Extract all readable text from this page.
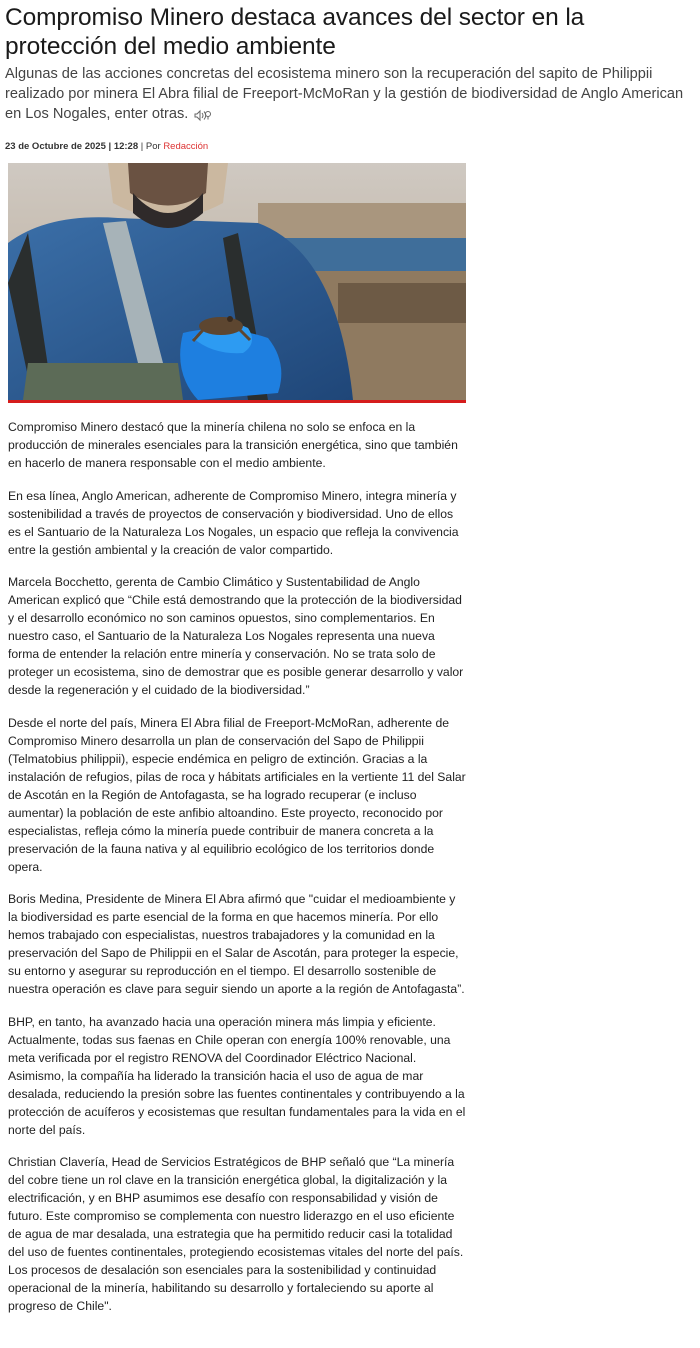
Compromiso Minero destaca avances del sector en la protección del medio ambiente

Algunas de las acciones concretas del ecosistema minero son la recuperación del sapito de Philippii realizado por minera El Abra filial de Freeport-McMoRan y la gestión de biodiversidad de Anglo American en Los Nogales, enter otras.

23 de Octubre de 2025 | 12:28 | Por Redacción

Compromiso Minero destacó que la minería chilena no solo se enfoca en la producción de minerales esenciales para la transición energética, sino que también en hacerlo de manera responsable con el medio ambiente.

En esa línea, Anglo American, adherente de Compromiso Minero, integra minería y sostenibilidad a través de proyectos de conservación y biodiversidad. Uno de ellos es el Santuario de la Naturaleza Los Nogales, un espacio que refleja la convivencia entre la gestión ambiental y la creación de valor compartido.

Marcela Bocchetto, gerenta de Cambio Climático y Sustentabilidad de Anglo American explicó que “Chile está demostrando que la protección de la biodiversidad y el desarrollo económico no son caminos opuestos, sino complementarios. En nuestro caso, el Santuario de la Naturaleza Los Nogales representa una nueva forma de entender la relación entre minería y conservación. No se trata solo de proteger un ecosistema, sino de demostrar que es posible generar desarrollo y valor desde la regeneración y el cuidado de la biodiversidad.”

Desde el norte del país, Minera El Abra filial de Freeport-McMoRan, adherente de Compromiso Minero desarrolla un plan de conservación del Sapo de Philippii (Telmatobius philippii), especie endémica en peligro de extinción. Gracias a la instalación de refugios, pilas de roca y hábitats artificiales en la vertiente 11 del Salar de Ascotán en la Región de Antofagasta, se ha logrado recuperar (e incluso aumentar) la población de este anfibio altoandino. Este proyecto, reconocido por especialistas, refleja cómo la minería puede contribuir de manera concreta a la preservación de la fauna nativa y al equilibrio ecológico de los territorios donde opera.

Boris Medina, Presidente de Minera El Abra afirmó que "cuidar el medioambiente y la biodiversidad es parte esencial de la forma en que hacemos minería. Por ello hemos trabajado con especialistas, nuestros trabajadores y la comunidad en la preservación del Sapo de Philippii en el Salar de Ascotán, para proteger la especie, su entorno y asegurar su reproducción en el tiempo. El desarrollo sostenible de nuestra operación es clave para seguir siendo un aporte a la región de Antofagasta”.

BHP, en tanto, ha avanzado hacia una operación minera más limpia y eficiente. Actualmente, todas sus faenas en Chile operan con energía 100% renovable, una meta verificada por el registro RENOVA del Coordinador Eléctrico Nacional. Asimismo, la compañía ha liderado la transición hacia el uso de agua de mar desalada, reduciendo la presión sobre las fuentes continentales y contribuyendo a la protección de acuíferos y ecosistemas que resultan fundamentales para la vida en el norte del país.

Christian Clavería, Head de Servicios Estratégicos de BHP señaló que “La minería del cobre tiene un rol clave en la transición energética global, la digitalización y la electrificación, y en BHP asumimos ese desafío con responsabilidad y visión de futuro. Este compromiso se complementa con nuestro liderazgo en el uso eficiente de agua de mar desalada, una estrategia que ha permitido reducir casi la totalidad del uso de fuentes continentales, protegiendo ecosistemas vitales del norte del país. Los procesos de desalación son esenciales para la sostenibilidad y continuidad operacional de la minería, habilitando su desarrollo y fortaleciendo su aporte al progreso de Chile".
